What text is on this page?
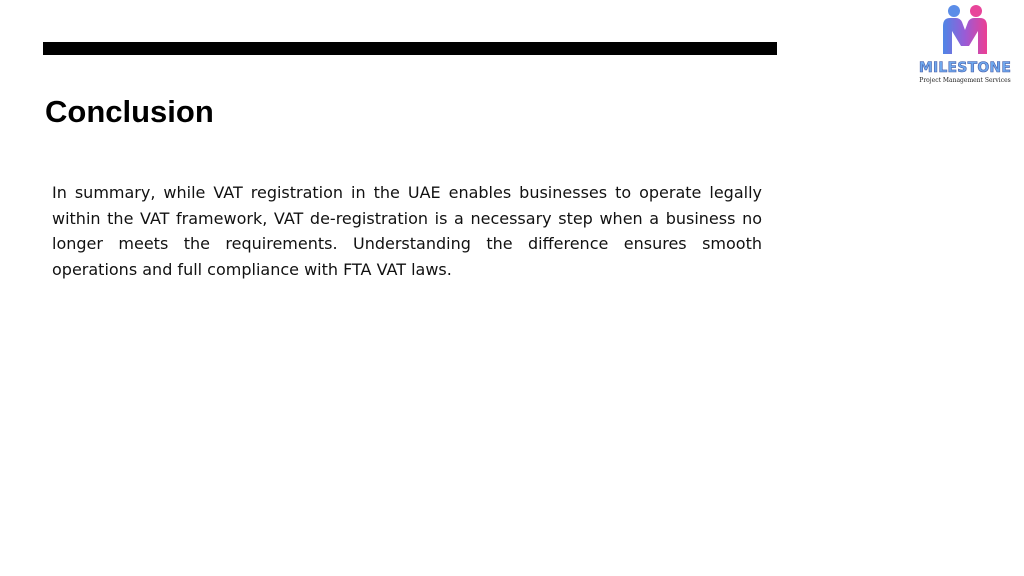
MILESTONE
Project Management Services
Conclusion

In summary, while VAT registration in the UAE enables businesses to operate legally within the VAT framework, VAT de-registration is a necessary step when a business no longer meets the requirements. Understanding the difference ensures smooth operations and full compliance with FTA VAT laws.
